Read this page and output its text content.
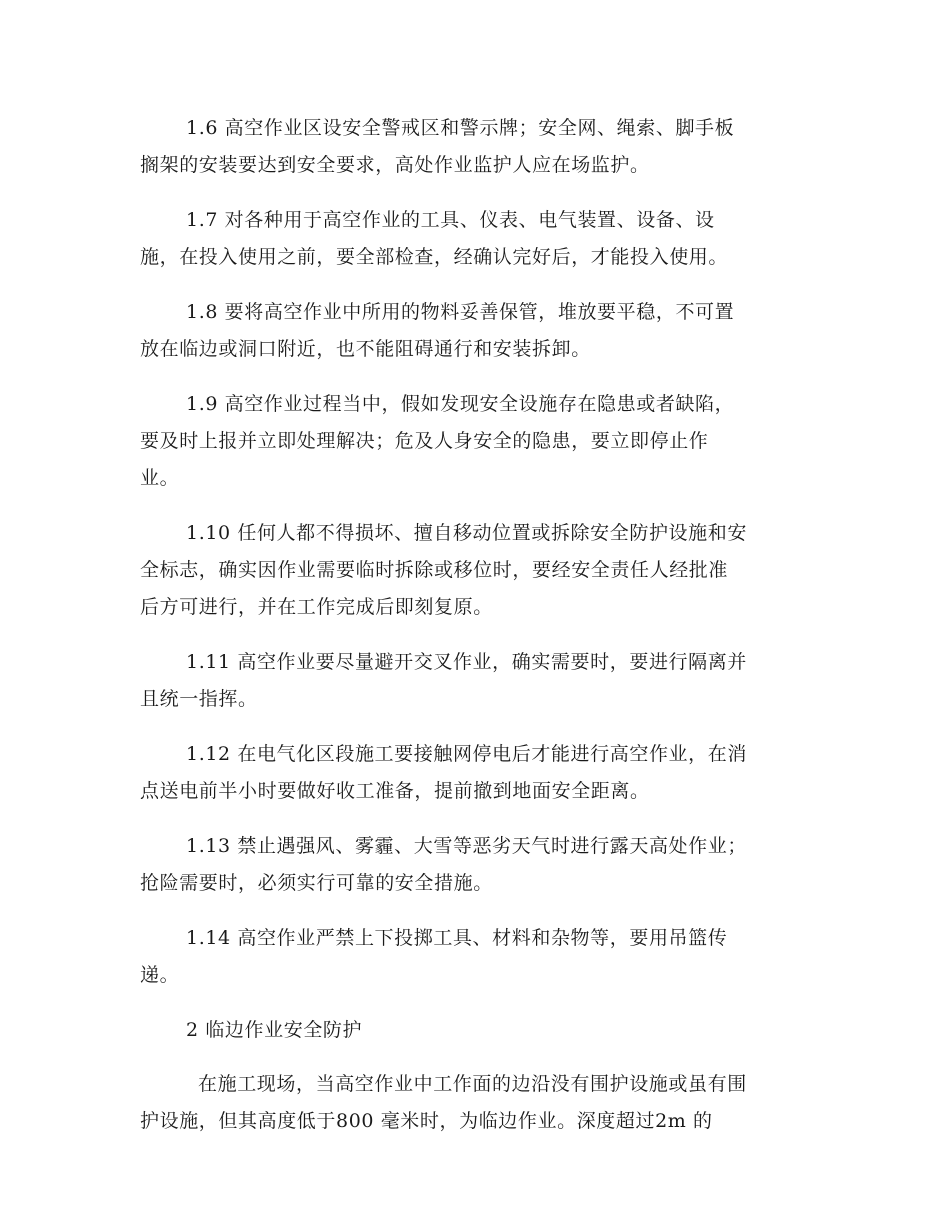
1.6 高空作业区设安全警戒区和警示牌；安全网、绳索、脚手板
搁架的安装要达到安全要求，高处作业监护人应在场监护。
1.7 对各种用于高空作业的工具、仪表、电气装置、设备、设
施，在投入使用之前，要全部检查，经确认完好后，才能投入使用。
1.8 要将高空作业中所用的物料妥善保管，堆放要平稳，不可置
放在临边或洞口附近，也不能阻碍通行和安装拆卸。
1.9 高空作业过程当中，假如发现安全设施存在隐患或者缺陷，
要及时上报并立即处理解决；危及人身安全的隐患，要立即停止作
业。
1.10 任何人都不得损坏、擅自移动位置或拆除安全防护设施和安
全标志，确实因作业需要临时拆除或移位时，要经安全责任人经批准
后方可进行，并在工作完成后即刻复原。
1.11 高空作业要尽量避开交叉作业，确实需要时，要进行隔离并
且统一指挥。
1.12 在电气化区段施工要接触网停电后才能进行高空作业，在消
点送电前半小时要做好收工准备，提前撤到地面安全距离。
1.13 禁止遇强风、雾霾、大雪等恶劣天气时进行露天高处作业；
抢险需要时，必须实行可靠的安全措施。
1.14 高空作业严禁上下投掷工具、材料和杂物等，要用吊篮传
递。
2 临边作业安全防护
在施工现场，当高空作业中工作面的边沿没有围护设施或虽有围
护设施，但其高度低于800 毫米时，为临边作业。深度超过2m 的
